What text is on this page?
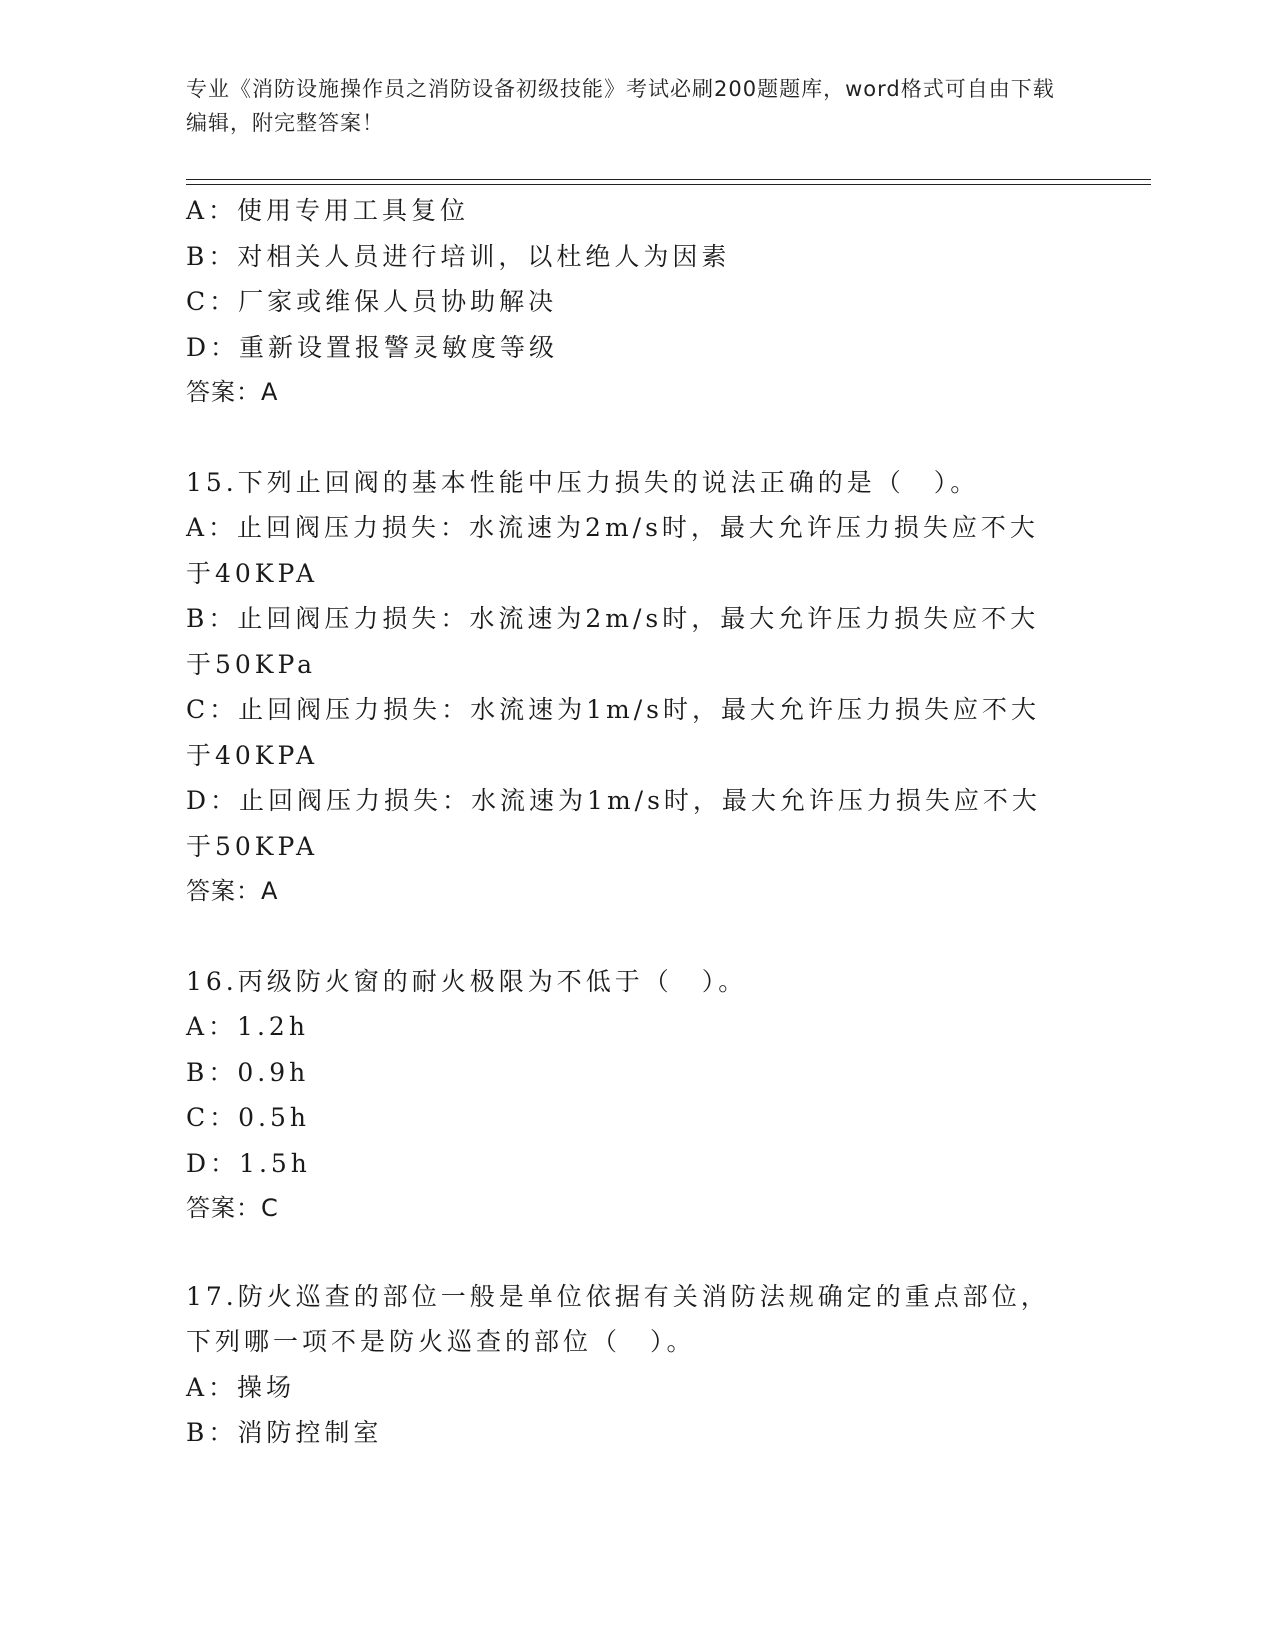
专业《消防设施操作员之消防设备初级技能》考试必刷200题题库，word格式可自由下载编辑，附完整答案！
A：使用专用工具复位
B：对相关人员进行培训，以杜绝人为因素
C：厂家或维保人员协助解决
D：重新设置报警灵敏度等级
答案：A
15.下列止回阀的基本性能中压力损失的说法正确的是（　）。
A：止回阀压力损失：水流速为2m/s时，最大允许压力损失应不大于40KPA
B：止回阀压力损失：水流速为2m/s时，最大允许压力损失应不大于50KPa
C：止回阀压力损失：水流速为1m/s时，最大允许压力损失应不大于40KPA
D：止回阀压力损失：水流速为1m/s时，最大允许压力损失应不大于50KPA
答案：A
16.丙级防火窗的耐火极限为不低于（　）。
A：1.2h
B：0.9h
C：0.5h
D：1.5h
答案：C
17.防火巡查的部位一般是单位依据有关消防法规确定的重点部位，下列哪一项不是防火巡查的部位（　）。
A：操场
B：消防控制室
